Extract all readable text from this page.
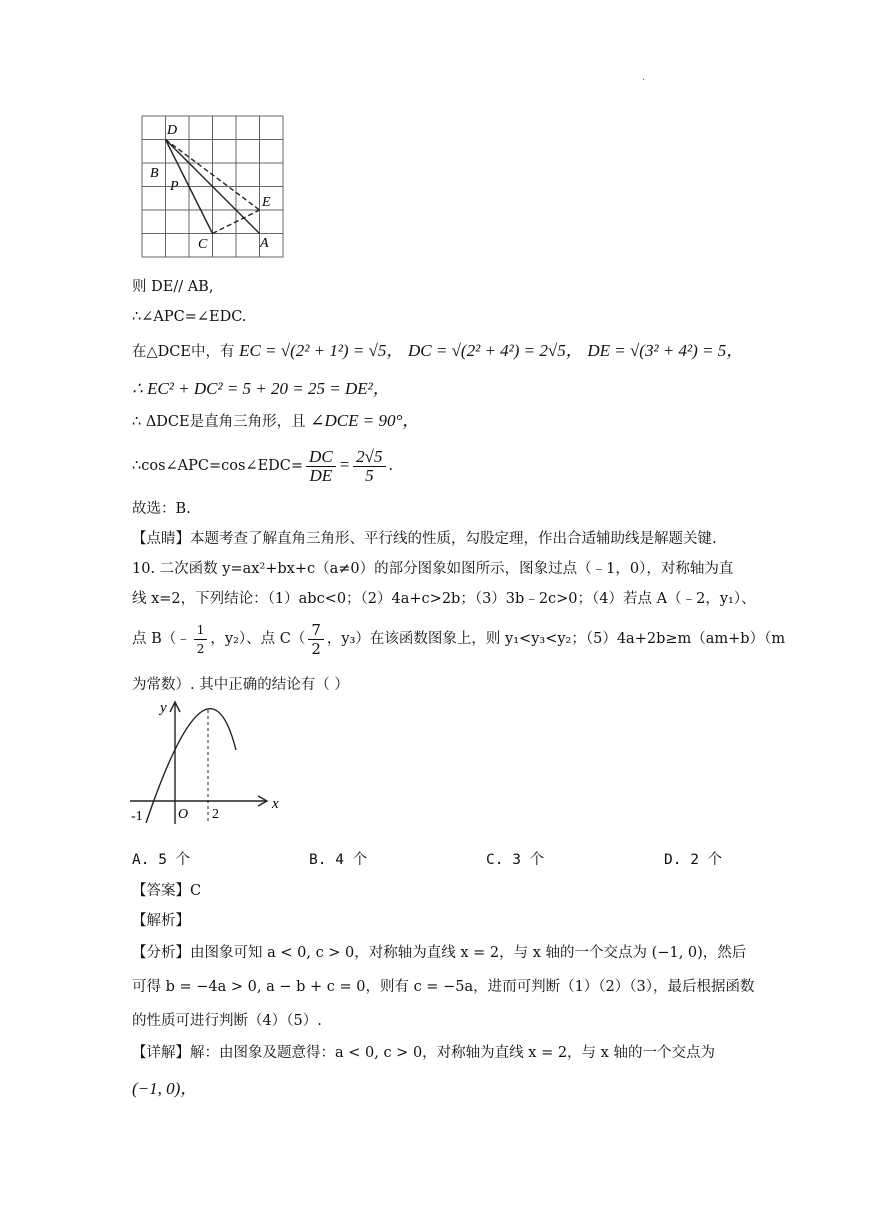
.
D
B
P
E
C	A
则 DE// AB,
∴∠APC=∠EDC.
在△DCE中，有 EC = √(2² + 1²) = √5， DC = √(2² + 4²) = 2√5， DE = √(3² + 4²) = 5，
∴ EC² + DC² = 5 + 20 = 25 = DE²，
∴ ΔDCE是直角三角形，且 ∠DCE = 90°，
∴cos∠APC=cos∠EDC= $\frac{DC}{DE} = \frac{2√5}{5}$ .
故选：B.
【点睛】本题考查了解直角三角形、平行线的性质，勾股定理，作出合适辅助线是解题关键.
10. 二次函数 y=ax²+bx+c（a≠0）的部分图象如图所示，图象过点（﹣1，0），对称轴为直
线 x=2，下列结论：（1）abc<0；（2）4a+c>2b；（3）3b﹣2c>0；（4）若点 A（﹣2，y₁）、
点 B（﹣ $\frac{1}{2}$ ，y₂）、点 $C( \frac{7}{2}$ ，y₃）在该函数图象上，则 y₁<y₃<y₂；（5）4a+2b≥m（am+b）（m
为常数）. 其中正确的结论有（ ）
y
x
O
-1	2
A. 5 个	B. 4 个	C. 3 个	D. 2 个
【答案】C
【解析】
【分析】由图象可知 a < 0, c > 0，对称轴为直线 x = 2，与 x 轴的一个交点为 (−1, 0)，然后
可得 b = −4a > 0, a − b + c = 0，则有 c = −5a，进而可判断（1）（2）（3），最后根据函数
的性质可进行判断（4）（5）.
【详解】解：由图象及题意得：a < 0, c > 0，对称轴为直线 x = 2，与 x 轴的一个交点为
(−1, 0)，
